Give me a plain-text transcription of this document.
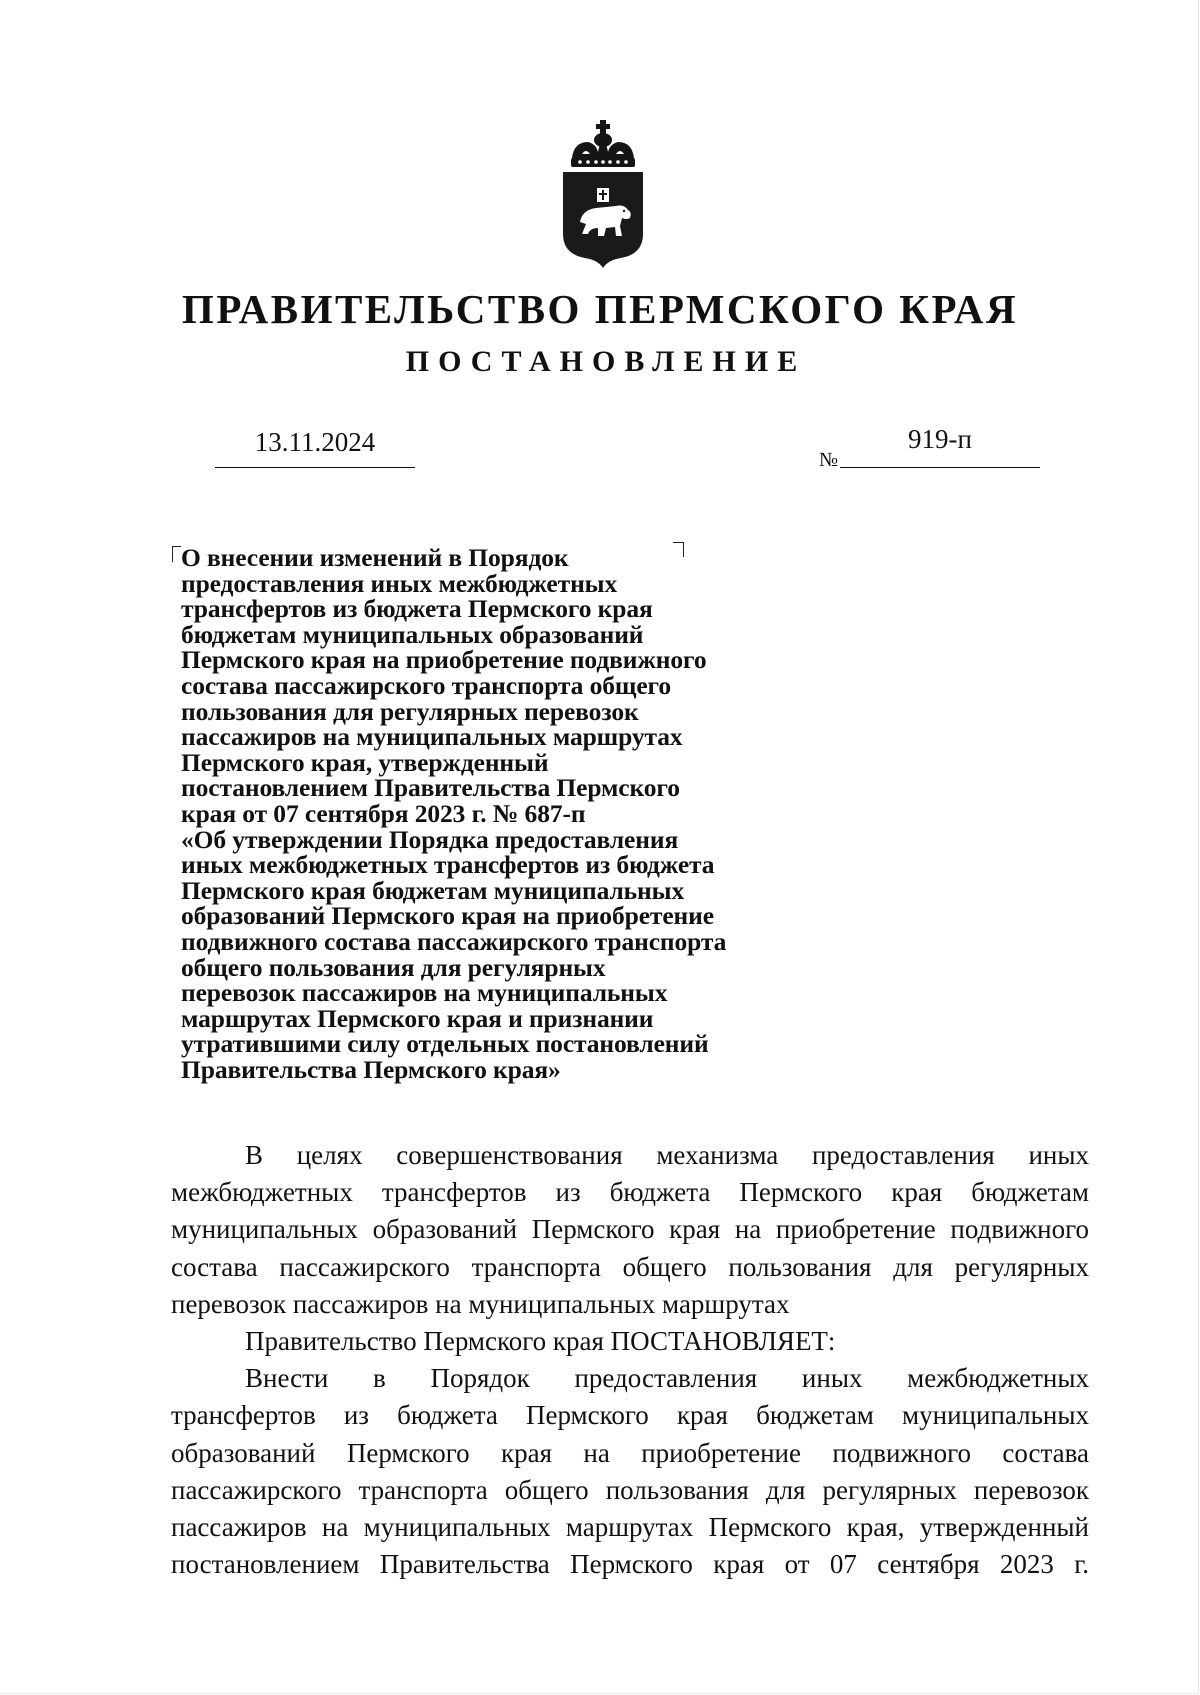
ПРАВИТЕЛЬСТВО ПЕРМСКОГО КРАЯ
ПОСТАНОВЛЕНИЕ
13.11.2024
№
919-п
О внесении изменений в Порядок
предоставления иных межбюджетных
трансфертов из бюджета Пермского края
бюджетам муниципальных образований
Пермского края на приобретение подвижного
состава пассажирского транспорта общего
пользования для регулярных перевозок
пассажиров на муниципальных маршрутах
Пермского края, утвержденный
постановлением Правительства Пермского
края от 07 сентября 2023 г. № 687-п
«Об утверждении Порядка предоставления
иных межбюджетных трансфертов из бюджета
Пермского края бюджетам муниципальных
образований Пермского края на приобретение
подвижного состава пассажирского транспорта
общего пользования для регулярных
перевозок пассажиров на муниципальных
маршрутах Пермского края и признании
утратившими силу отдельных постановлений
Правительства Пермского края»

В целях совершенствования механизма предоставления иных

межбюджетных трансфертов из бюджета Пермского края бюджетам

муниципальных образований Пермского края на приобретение подвижного

состава пассажирского транспорта общего пользования для регулярных

перевозок пассажиров на муниципальных маршрутах

Правительство Пермского края ПОСТАНОВЛЯЕТ:

Внести в Порядок предоставления иных межбюджетных

трансфертов из бюджета Пермского края бюджетам муниципальных

образований Пермского края на приобретение подвижного состава

пассажирского транспорта общего пользования для регулярных перевозок

пассажиров на муниципальных маршрутах Пермского края, утвержденный

постановлением Правительства Пермского края от 07 сентября 2023 г.
